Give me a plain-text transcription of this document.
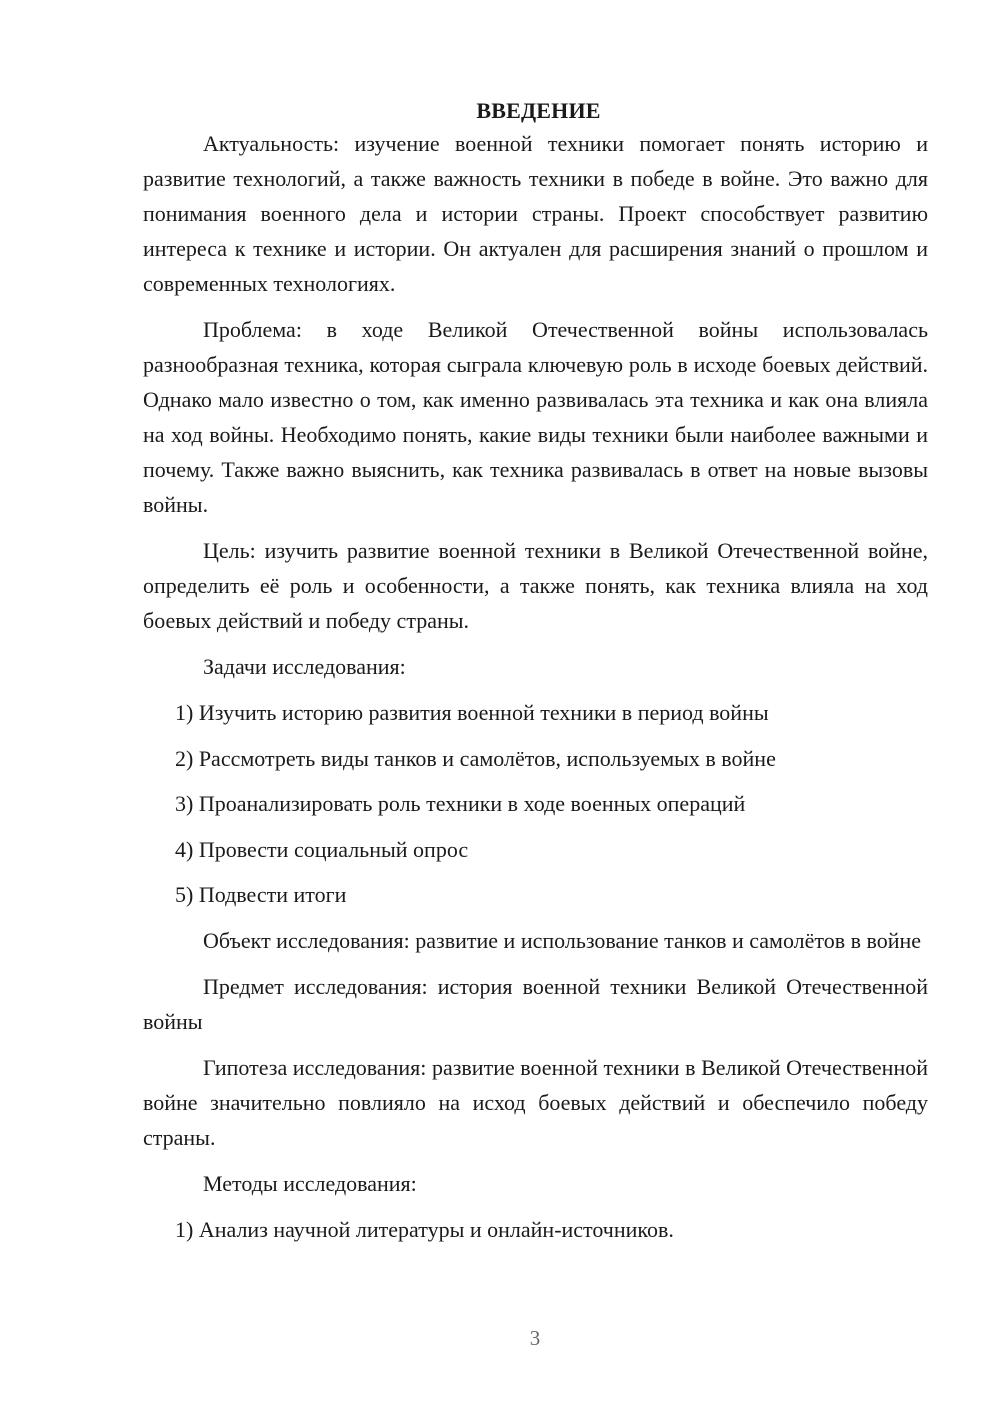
ВВЕДЕНИЕ

Актуальность: изучение военной техники помогает понять историю и развитие технологий, а также важность техники в победе в войне. Это важно для понимания военного дела и истории страны. Проект способствует развитию интереса к технике и истории. Он актуален для расширения знаний о прошлом и современных технологиях.

Проблема: в ходе Великой Отечественной войны использовалась разнообразная техника, которая сыграла ключевую роль в исходе боевых действий. Однако мало известно о том, как именно развивалась эта техника и как она влияла на ход войны. Необходимо понять, какие виды техники были наиболее важными и почему. Также важно выяснить, как техника развивалась в ответ на новые вызовы войны.

Цель: изучить развитие военной техники в Великой Отечественной войне, определить её роль и особенности, а также понять, как техника влияла на ход боевых действий и победу страны.

Задачи исследования:

1) Изучить историю развития военной техники в период войны
2) Рассмотреть виды танков и самолётов, используемых в войне
3) Проанализировать роль техники в ходе военных операций
4) Провести социальный опрос
5) Подвести итоги

Объект исследования: развитие и использование танков и самолётов в войне

Предмет исследования: история военной техники Великой Отечественной войны

Гипотеза исследования: развитие военной техники в Великой Отечественной войне значительно повлияло на исход боевых действий и обеспечило победу страны.

Методы исследования:

1) Анализ научной литературы и онлайн-источников.
3
